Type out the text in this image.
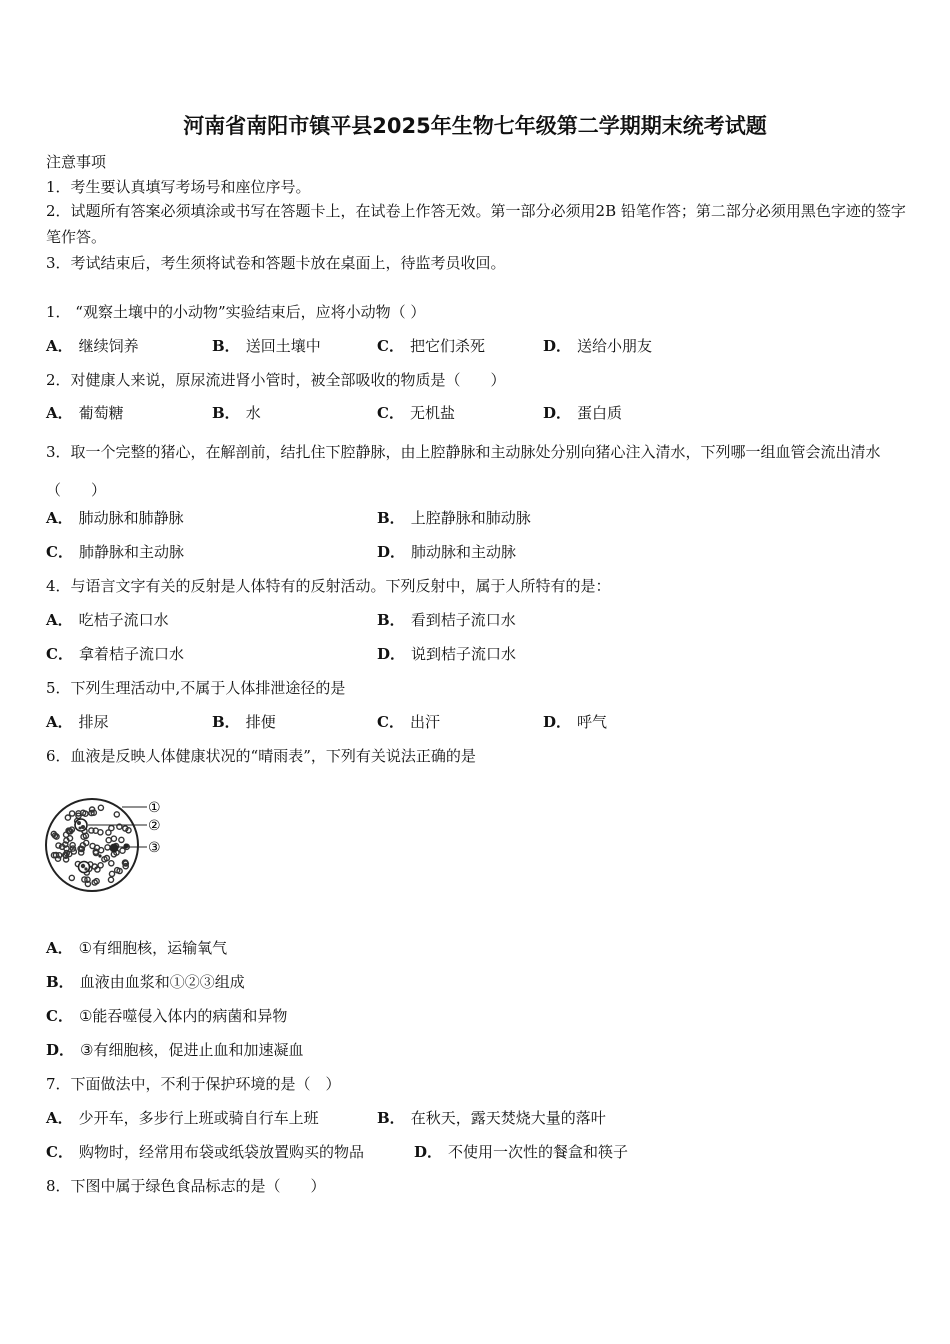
河南省南阳市镇平县2025年生物七年级第二学期期末统考试题
注意事项
1．考生要认真填写考场号和座位序号。
2．试题所有答案必须填涂或书写在答题卡上，在试卷上作答无效。第一部分必须用2B 铅笔作答；第二部分必须用黑色字迹的签字笔作答。
3．考试结束后，考生须将试卷和答题卡放在桌面上，待监考员收回。
1． “观察土壤中的小动物”实验结束后，应将小动物（ ）
A． 继续饲养	B． 送回土壤中	C． 把它们杀死	D． 送给小朋友
2．对健康人来说，原尿流进肾小管时，被全部吸收的物质是（　　）
A． 葡萄糖	B． 水	C． 无机盐	D． 蛋白质
3．取一个完整的猪心，在解剖前，结扎住下腔静脉，由上腔静脉和主动脉处分别向猪心注入清水，下列哪一组血管会流出清水（　　）
A． 肺动脉和肺静脉	B． 上腔静脉和肺动脉
C． 肺静脉和主动脉	D． 肺动脉和主动脉
4．与语言文字有关的反射是人体特有的反射活动。下列反射中，属于人所特有的是：
A． 吃桔子流口水	B． 看到桔子流口水
C． 拿着桔子流口水	D． 说到桔子流口水
5．下列生理活动中,不属于人体排泄途径的是
A． 排尿	B． 排便	C． 出汗	D． 呼气
6．血液是反映人体健康状况的“晴雨表”，下列有关说法正确的是
①
②
③
A． ①有细胞核，运输氧气
B． 血液由血浆和①②③组成
C． ①能吞噬侵入体内的病菌和异物
D． ③有细胞核，促进止血和加速凝血
7．下面做法中，不利于保护环境的是（　）
A． 少开车，多步行上班或骑自行车上班	B． 在秋天，露天焚烧大量的落叶
C． 购物时，经常用布袋或纸袋放置购买的物品	D． 不使用一次性的餐盒和筷子
8．下图中属于绿色食品标志的是（　　）
